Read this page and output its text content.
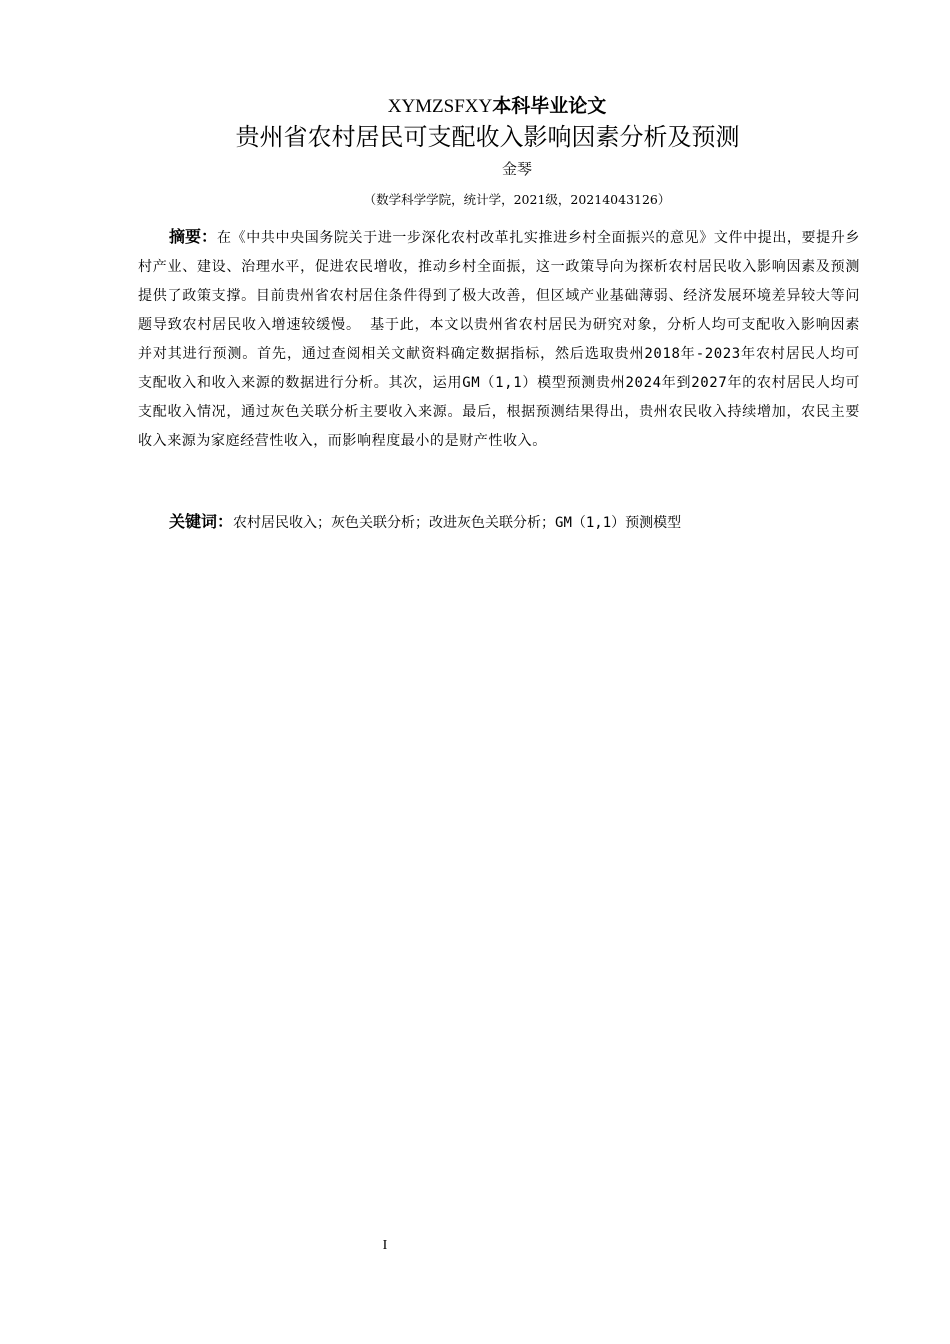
XYMZSFXY本科毕业论文
贵州省农村居民可支配收入影响因素分析及预测
金琴
（数学科学学院，统计学，2021级，20214043126）
摘要：在《中共中央国务院关于进一步深化农村改革扎实推进乡村全面振兴的意见》文件中提出，要提升乡村产业、建设、治理水平，促进农民增收，推动乡村全面振，这一政策导向为探析农村居民收入影响因素及预测提供了政策支撑。目前贵州省农村居住条件得到了极大改善，但区域产业基础薄弱、经济发展环境差异较大等问题导致农村居民收入增速较缓慢。 基于此，本文以贵州省农村居民为研究对象，分析人均可支配收入影响因素并对其进行预测。首先，通过查阅相关文献资料确定数据指标，然后选取贵州2018年-2023年农村居民人均可支配收入和收入来源的数据进行分析。其次，运用GM（1,1）模型预测贵州2024年到2027年的农村居民人均可支配收入情况，通过灰色关联分析主要收入来源。最后，根据预测结果得出，贵州农民收入持续增加，农民主要收入来源为家庭经营性收入，而影响程度最小的是财产性收入。
关键词：农村居民收入；灰色关联分析；改进灰色关联分析；GM（1,1）预测模型
I
